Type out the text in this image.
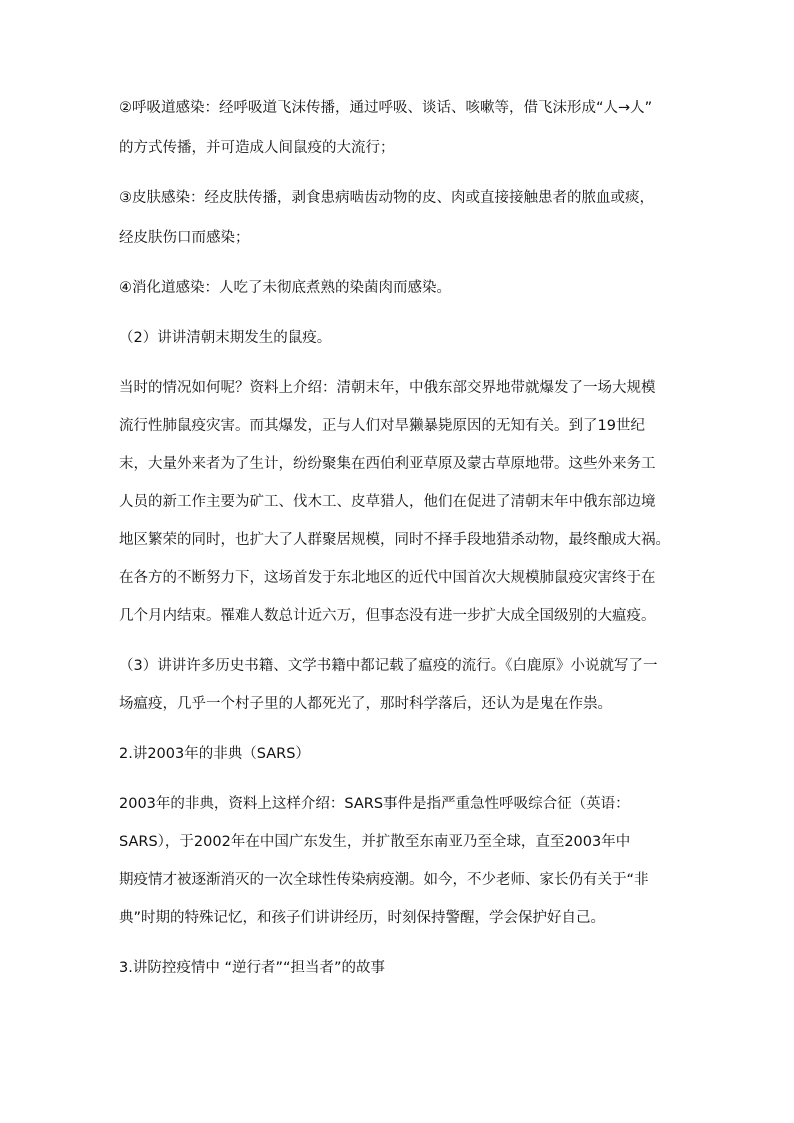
②呼吸道感染：经呼吸道飞沫传播，通过呼吸、谈话、咳嗽等，借飞沫形成“人→人”
的方式传播，并可造成人间鼠疫的大流行；
③皮肤感染：经皮肤传播，剥食患病啮齿动物的皮、肉或直接接触患者的脓血或痰，
经皮肤伤口而感染；
④消化道感染：人吃了未彻底煮熟的染菌肉而感染。
（2）讲讲清朝末期发生的鼠疫。
当时的情况如何呢？资料上介绍：清朝末年，中俄东部交界地带就爆发了一场大规模
流行性肺鼠疫灾害。而其爆发，正与人们对旱獭暴毙原因的无知有关。到了19世纪
末，大量外来者为了生计，纷纷聚集在西伯利亚草原及蒙古草原地带。这些外来务工
人员的新工作主要为矿工、伐木工、皮草猎人，他们在促进了清朝末年中俄东部边境
地区繁荣的同时，也扩大了人群聚居规模，同时不择手段地猎杀动物，最终酿成大祸。
在各方的不断努力下，这场首发于东北地区的近代中国首次大规模肺鼠疫灾害终于在
几个月内结束。罹难人数总计近六万，但事态没有进一步扩大成全国级别的大瘟疫。
（3）讲讲许多历史书籍、文学书籍中都记载了瘟疫的流行。《白鹿原》小说就写了一
场瘟疫，几乎一个村子里的人都死光了，那时科学落后，还认为是鬼在作祟。
2.讲2003年的非典（SARS）
2003年的非典，资料上这样介绍：SARS事件是指严重急性呼吸综合征（英语：
SARS），于2002年在中国广东发生，并扩散至东南亚乃至全球，直至2003年中
期疫情才被逐渐消灭的一次全球性传染病疫潮。如今，不少老师、家长仍有关于“非
典”时期的特殊记忆，和孩子们讲讲经历，时刻保持警醒，学会保护好自己。
3.讲防控疫情中 “逆行者”“担当者”的故事
